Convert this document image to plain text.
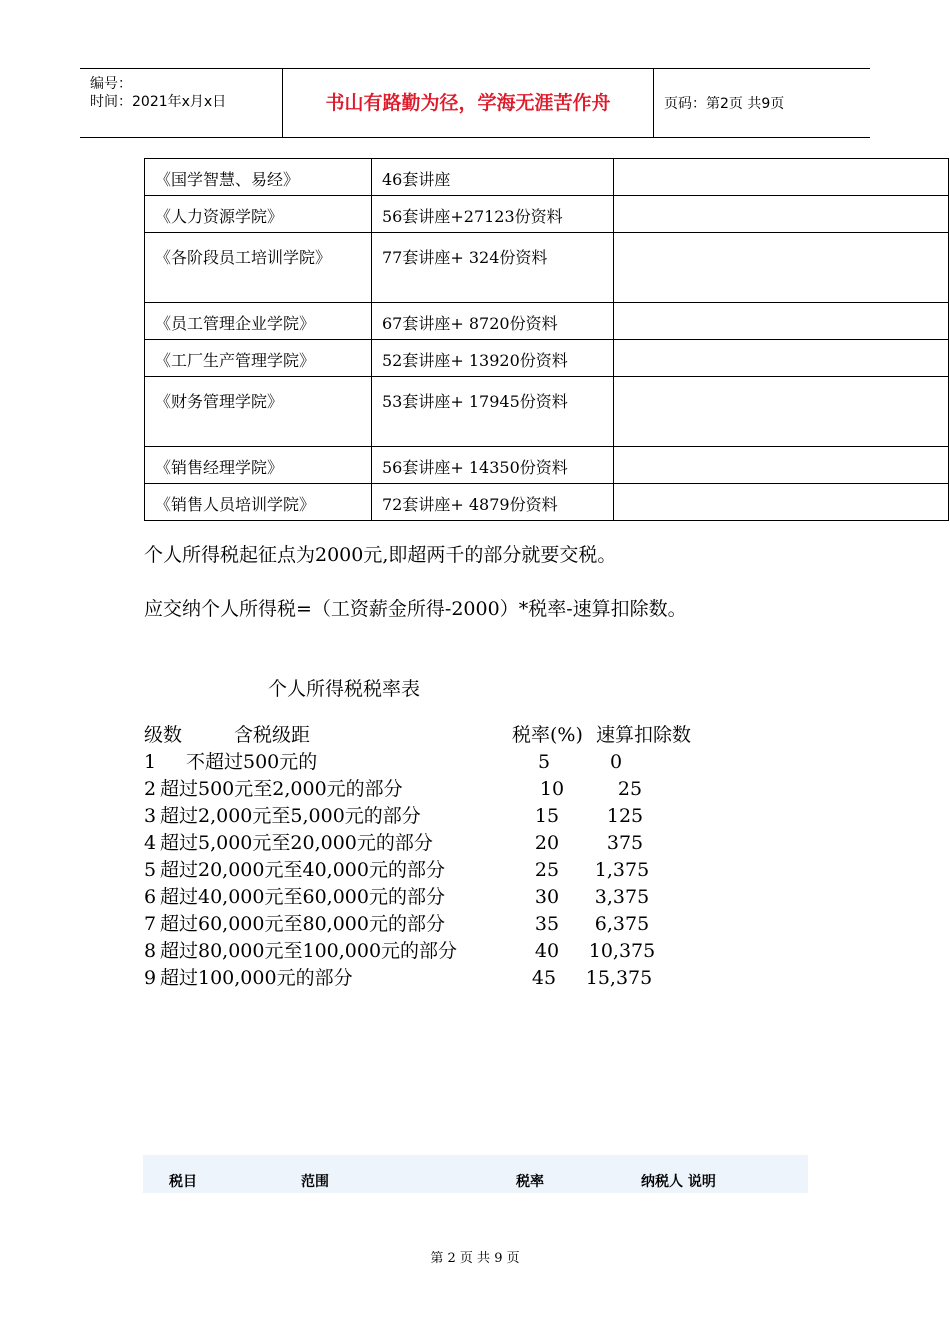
编号：
时间：2021年x月x日	书山有路勤为径，学海无涯苦作舟	页码：第2页 共9页
《国学智慧、易经》	46套讲座	
《人力资源学院》	56套讲座+27123份资料	
《各阶段员工培训学院》	77套讲座+ 324份资料	
《员工管理企业学院》	67套讲座+ 8720份资料	
《工厂生产管理学院》	52套讲座+ 13920份资料	
《财务管理学院》	53套讲座+ 17945份资料	
《销售经理学院》	56套讲座+ 14350份资料	
《销售人员培训学院》	72套讲座+ 4879份资料	
个人所得税起征点为2000元,即超两千的部分就要交税。
应交纳个人所得税=（工资薪金所得-2000）*税率-速算扣除数。
个人所得税税率表
级数	含税级距	税率(%) 速算扣除数
1 不超过500元的	5	0
2 超过500元至2,000元的部分	10	25
3 超过2,000元至5,000元的部分	15	125
4 超过5,000元至20,000元的部分	20	375
5 超过20,000元至40,000元的部分	25	1,375
6 超过40,000元至60,000元的部分	30	3,375
7 超过60,000元至80,000元的部分	35	6,375
8 超过80,000元至100,000元的部分	40	10,375
9 超过100,000元的部分	45	15,375
税目	范围	税率	纳税人 说明
第 2 页 共 9 页
